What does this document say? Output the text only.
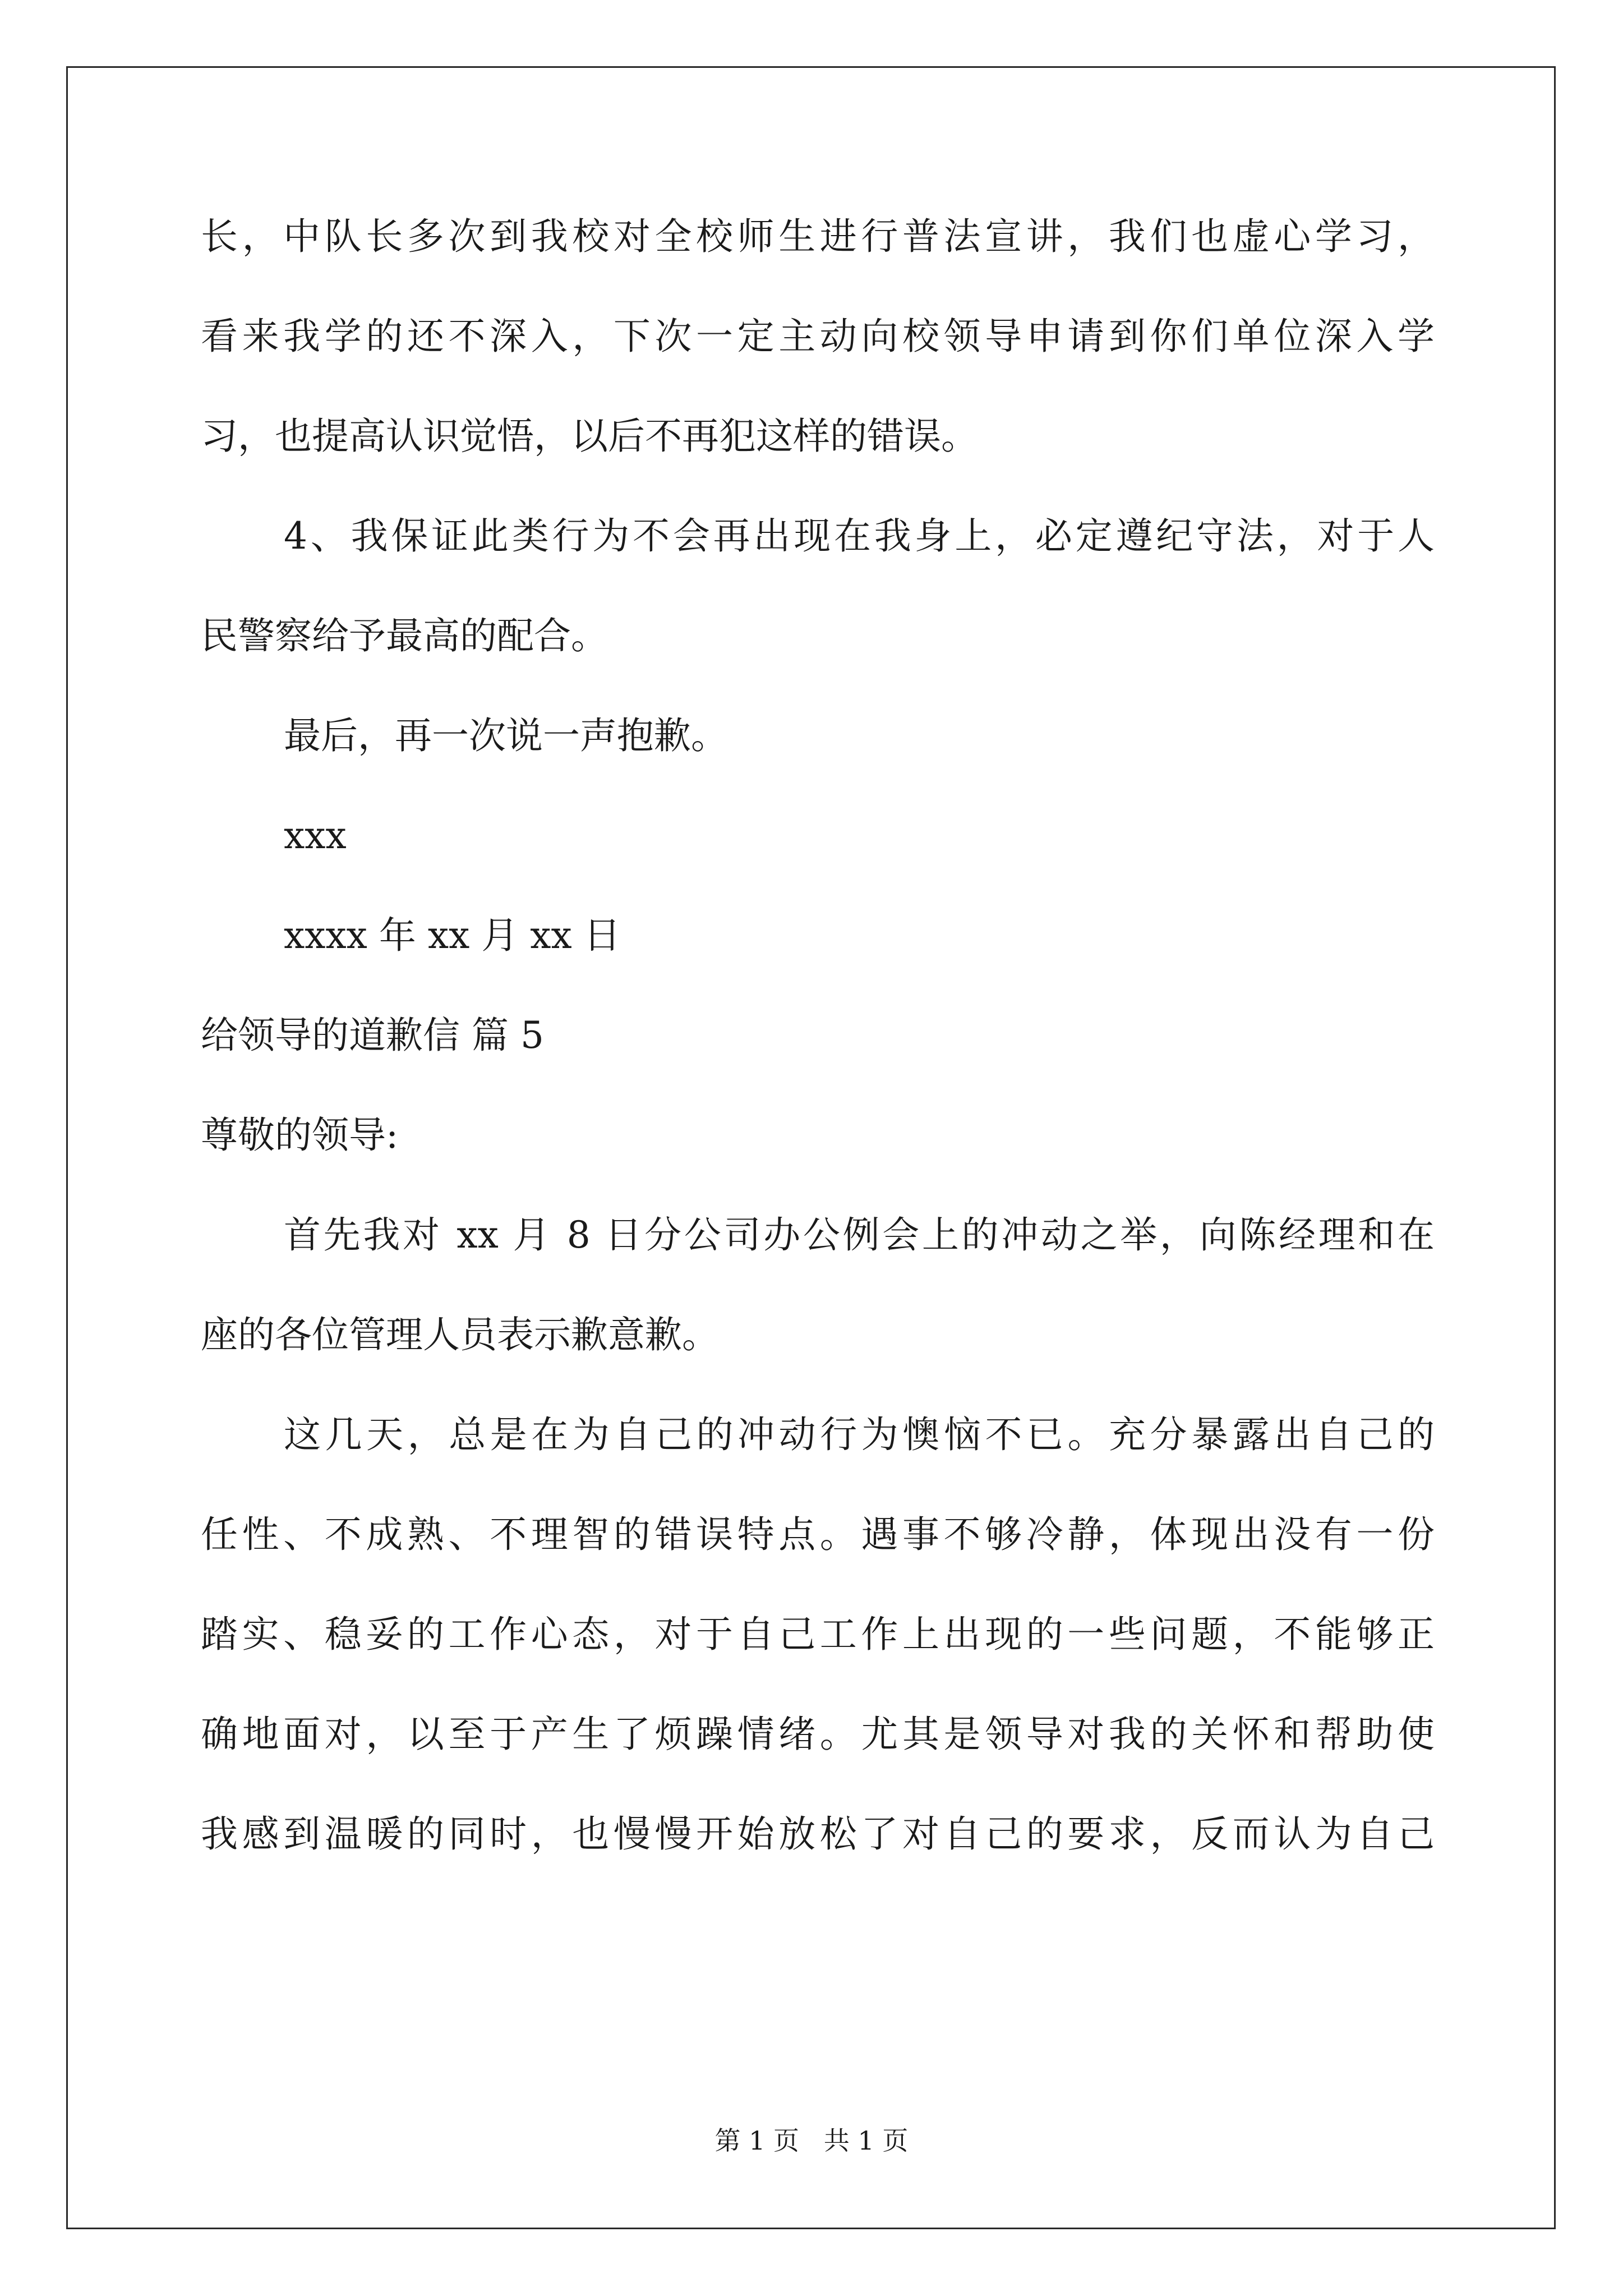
长，中队长多次到我校对全校师生进行普法宣讲，我们也虚心学习，
看来我学的还不深入，下次一定主动向校领导申请到你们单位深入学
习，也提高认识觉悟，以后不再犯这样的错误。
4、我保证此类行为不会再出现在我身上，必定遵纪守法，对于人
民警察给予最高的配合。
最后，再一次说一声抱歉。
xxx
xxxx 年 xx 月 xx 日
给领导的道歉信 篇 5
尊敬的领导:
首先我对 xx 月 8 日分公司办公例会上的冲动之举，向陈经理和在
座的各位管理人员表示歉意歉。
这几天，总是在为自己的冲动行为懊恼不已。充分暴露出自己的
任性、不成熟、不理智的错误特点。遇事不够冷静，体现出没有一份
踏实、稳妥的工作心态，对于自己工作上出现的一些问题，不能够正
确地面对，以至于产生了烦躁情绪。尤其是领导对我的关怀和帮助使
我感到温暖的同时，也慢慢开始放松了对自己的要求，反而认为自己
第 1 页   共 1 页
